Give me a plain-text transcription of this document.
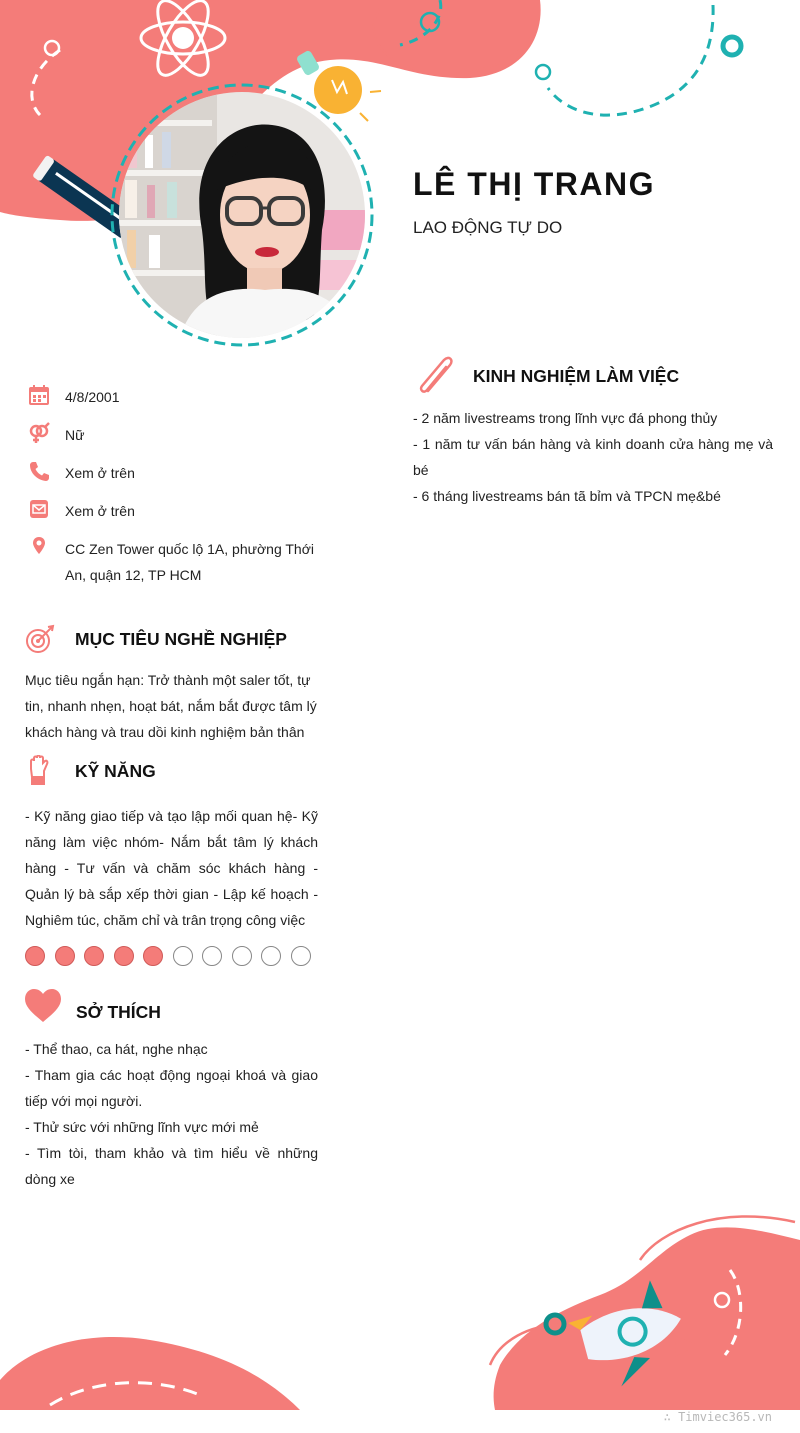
LÊ THỊ TRANG
LAO ĐỘNG TỰ DO
4/8/2001
Nữ
Xem ở trên
Xem ở trên
CC Zen Tower quốc lộ 1A, phường Thới An, quận 12, TP HCM
MỤC TIÊU NGHỀ NGHIỆP
Mục tiêu ngắn hạn: Trở thành một saler tốt, tự
tin, nhanh nhẹn, hoạt bát, nắm bắt được tâm lý
khách hàng và trau dồi kinh nghiệm bản thân
KỸ NĂNG
- Kỹ năng giao tiếp và tạo lập mối quan hệ- Kỹ năng làm việc nhóm- Nắm bắt tâm lý khách hàng - Tư vấn và chăm sóc khách hàng - Quản lý bà sắp xếp thời gian - Lập kế hoạch - Nghiêm túc, chăm chỉ và trân trọng công việc
SỞ THÍCH
- Thể thao, ca hát, nghe nhạc
- Tham gia các hoạt động ngoại khoá và giao tiếp với mọi người.
- Thử sức với những lĩnh vực mới mẻ
- Tìm tòi, tham khảo và tìm hiểu về những dòng xe
KINH NGHIỆM LÀM VIỆC
- 2 năm livestreams trong lĩnh vực đá phong thủy
- 1 năm tư vấn bán hàng và kinh doanh cửa hàng mẹ và bé
- 6 tháng livestreams bán tã bỉm và TPCN mẹ&bé
∴ Timviec365.vn
